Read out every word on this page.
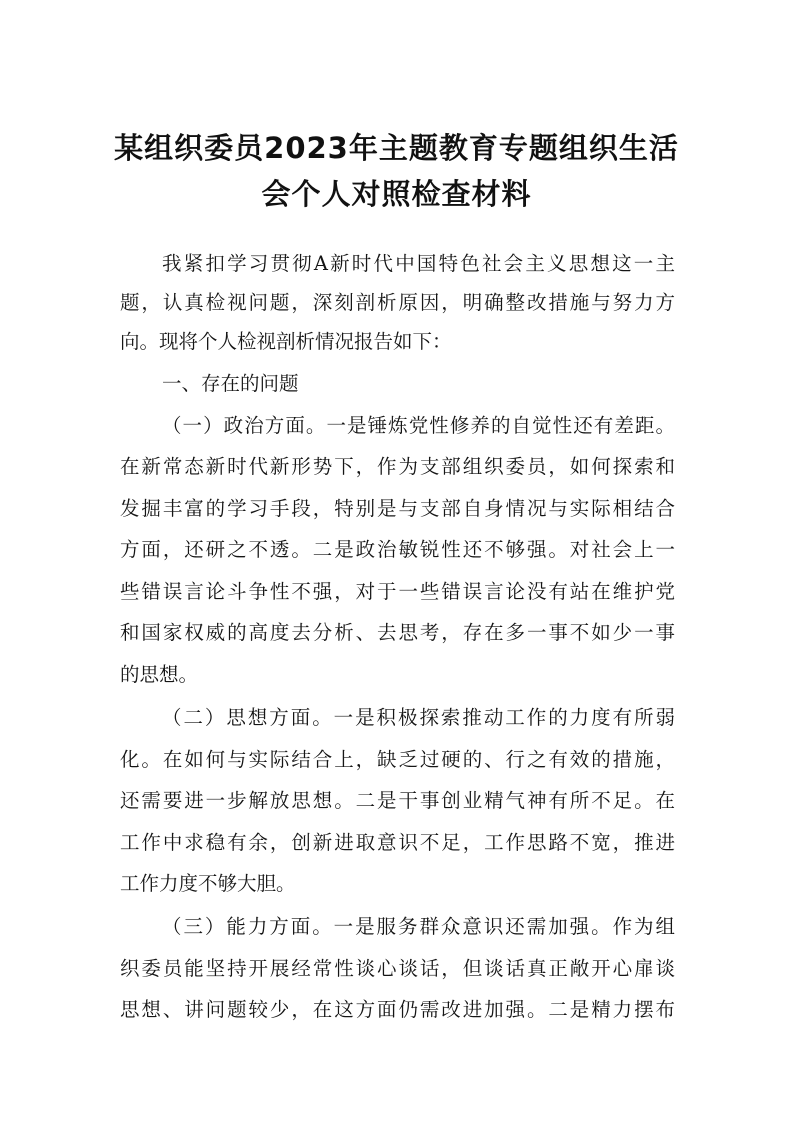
某组织委员2023年主题教育专题组织生活
会个人对照检查材料
我紧扣学习贯彻A新时代中国特色社会主义思想这一主
题，认真检视问题，深刻剖析原因，明确整改措施与努力方
向。现将个人检视剖析情况报告如下：
一、存在的问题
（一）政治方面。一是锤炼党性修养的自觉性还有差距。
在新常态新时代新形势下，作为支部组织委员，如何探索和
发掘丰富的学习手段，特别是与支部自身情况与实际相结合
方面，还研之不透。二是政治敏锐性还不够强。对社会上一
些错误言论斗争性不强，对于一些错误言论没有站在维护党
和国家权威的高度去分析、去思考，存在多一事不如少一事
的思想。
（二）思想方面。一是积极探索推动工作的力度有所弱
化。在如何与实际结合上，缺乏过硬的、行之有效的措施，
还需要进一步解放思想。二是干事创业精气神有所不足。在
工作中求稳有余，创新进取意识不足，工作思路不宽，推进
工作力度不够大胆。
（三）能力方面。一是服务群众意识还需加强。作为组
织委员能坚持开展经常性谈心谈话，但谈话真正敞开心扉谈
思想、讲问题较少，在这方面仍需改进加强。二是精力摆布
